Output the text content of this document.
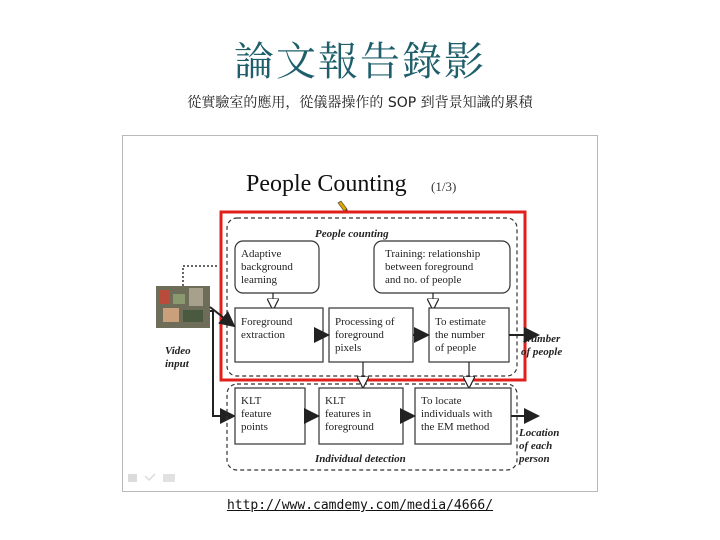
論文報告錄影
從實驗室的應用，從儀器操作的 SOP 到背景知識的累積
People Counting (1/3)
People counting
Adaptive background learning
Training: relationship between foreground and no. of people
Foreground extraction
Processing of foreground pixels
To estimate the number of people
Number of people
Video input
Individual detection
KLT feature points
KLT features in foreground
To locate individuals with the EM method	Location of each person
http://www.camdemy.com/media/4666/
